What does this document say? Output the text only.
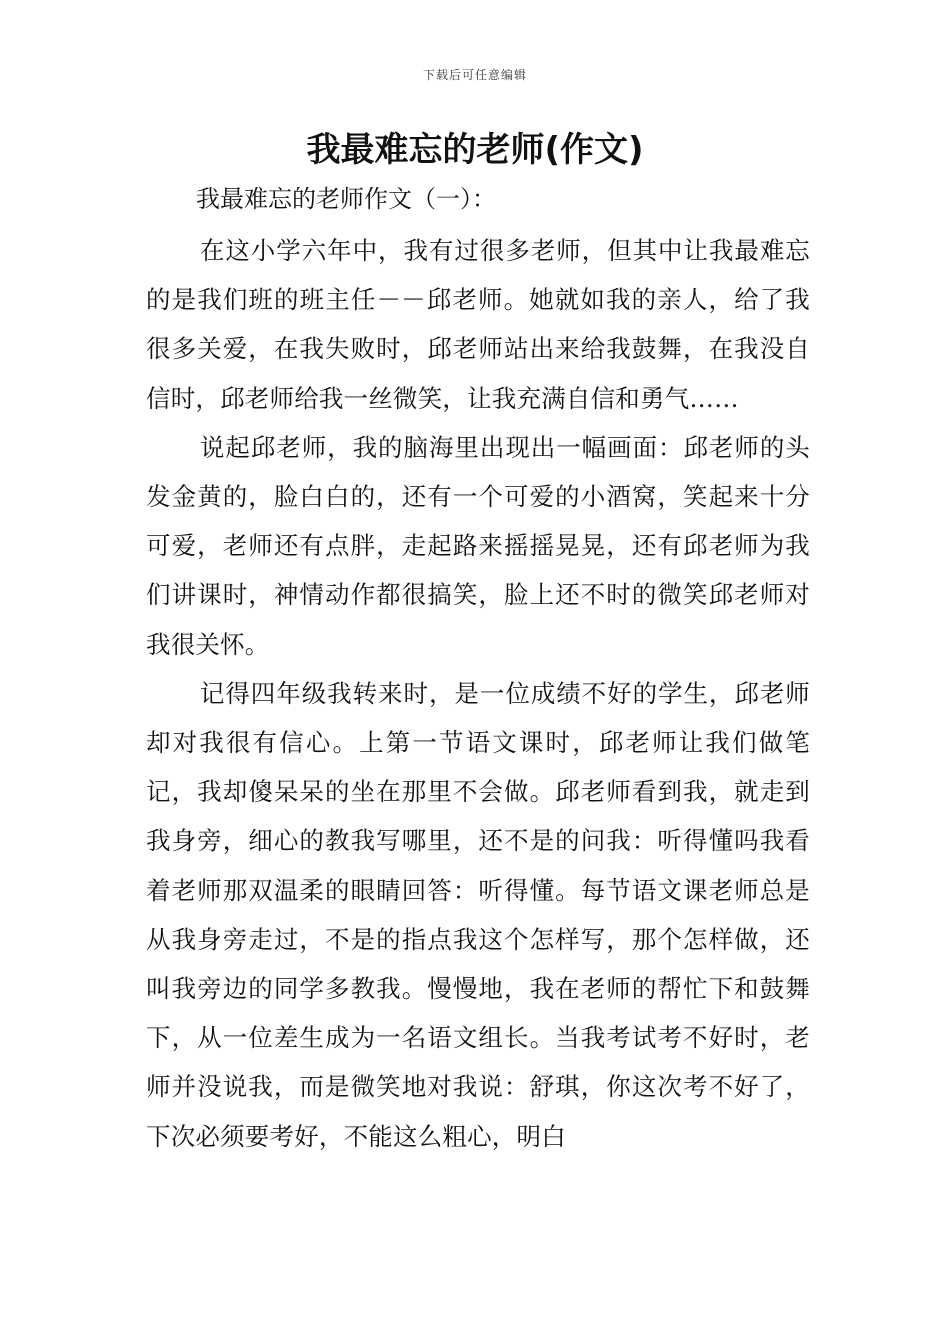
下载后可任意编辑
我最难忘的老师(作文)
我最难忘的老师作文（一）：

在这小学六年中，我有过很多老师，但其中让我最难忘的是我们班的班主任－－邱老师。她就如我的亲人，给了我很多关爱，在我失败时，邱老师站出来给我鼓舞，在我没自信时，邱老师给我一丝微笑，让我充满自信和勇气……

说起邱老师，我的脑海里出现出一幅画面：邱老师的头发金黄的，脸白白的，还有一个可爱的小酒窝，笑起来十分可爱，老师还有点胖，走起路来摇摇晃晃，还有邱老师为我们讲课时，神情动作都很搞笑，脸上还不时的微笑邱老师对我很关怀。

记得四年级我转来时，是一位成绩不好的学生，邱老师却对我很有信心。上第一节语文课时，邱老师让我们做笔记，我却傻呆呆的坐在那里不会做。邱老师看到我，就走到我身旁，细心的教我写哪里，还不是的问我：听得懂吗我看着老师那双温柔的眼睛回答：听得懂。每节语文课老师总是从我身旁走过，不是的指点我这个怎样写，那个怎样做，还叫我旁边的同学多教我。慢慢地，我在老师的帮忙下和鼓舞下，从一位差生成为一名语文组长。当我考试考不好时，老师并没说我，而是微笑地对我说：舒琪，你这次考不好了，下次必须要考好，不能这么粗心，明白
